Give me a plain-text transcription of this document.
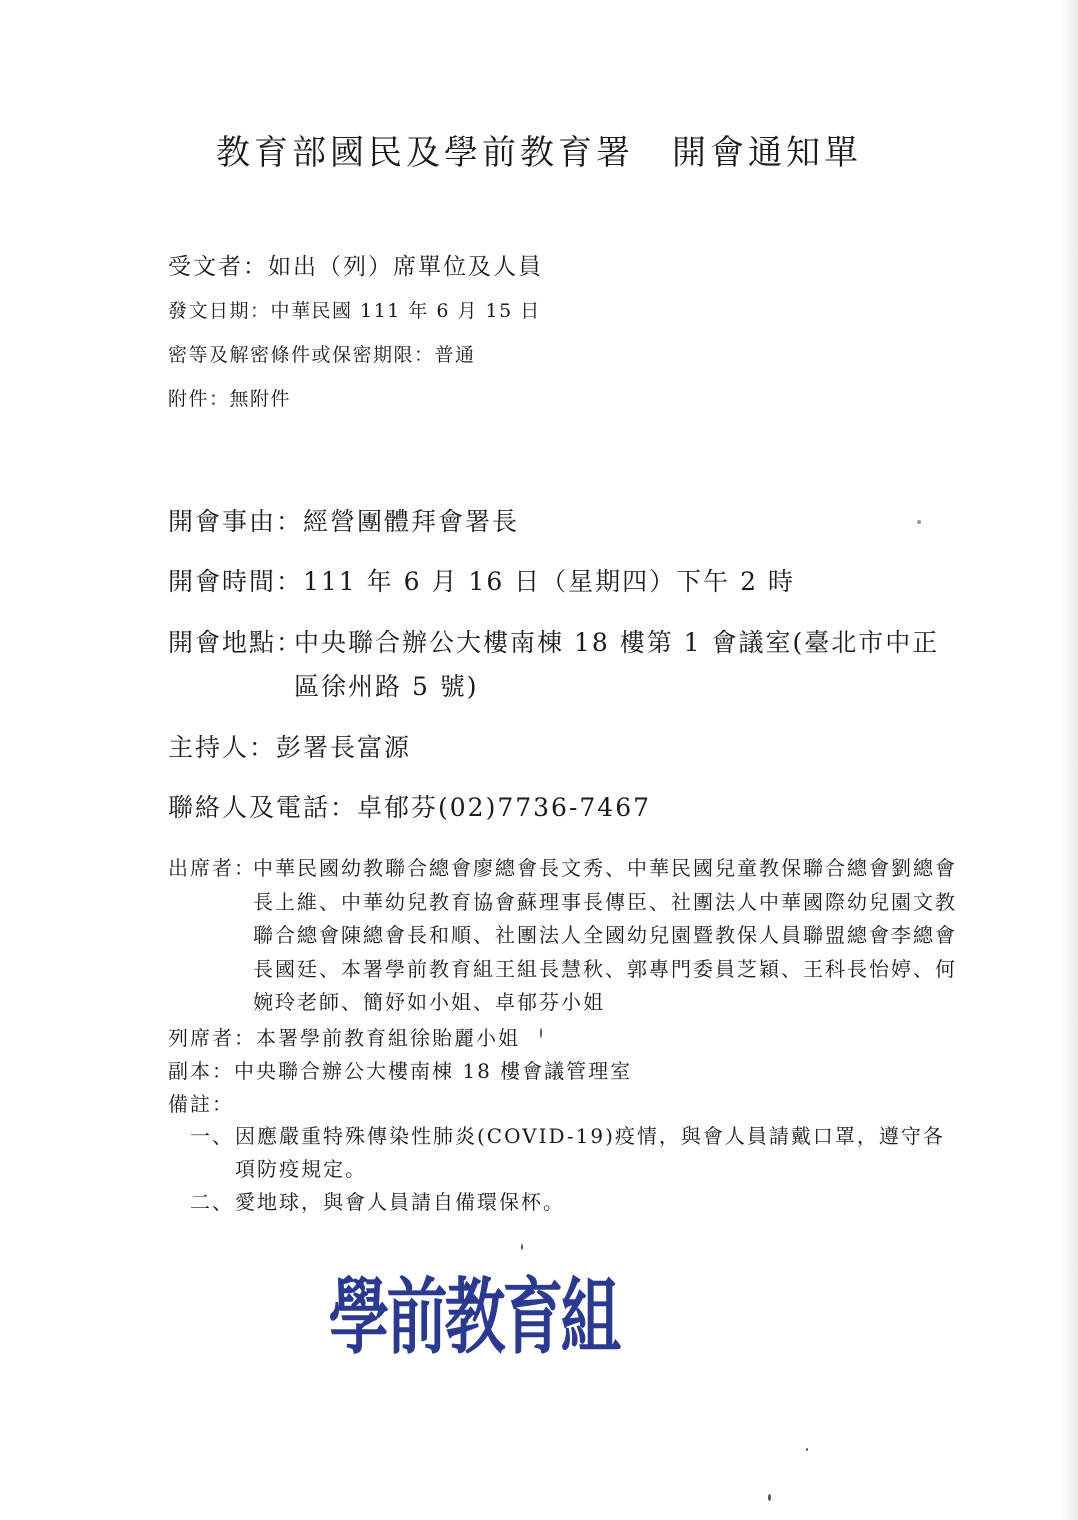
教育部國民及學前教育署 開會通知單
受文者：如出（列）席單位及人員
發文日期：中華民國 111 年 6 月 15 日
密等及解密條件或保密期限：普通
附件：無附件
開會事由：經營團體拜會署長
開會時間：111 年 6 月 16 日（星期四）下午 2 時
開會地點：
中央聯合辦公大樓南棟 18 樓第 1 會議室(臺北市中正區徐州路 5 號)
主持人：彭署長富源
聯絡人及電話：卓郁芬(02)7736-7467
出席者：
中華民國幼教聯合總會廖總會長文秀、中華民國兒童教保聯合總會劉總會長上維、中華幼兒教育協會蘇理事長傳臣、社團法人中華國際幼兒園文教聯合總會陳總會長和順、社團法人全國幼兒園暨教保人員聯盟總會李總會長國廷、本署學前教育組王組長慧秋、郭專門委員芝穎、王科長怡婷、何婉玲老師、簡妤如小姐、卓郁芬小姐
列席者：本署學前教育組徐貽麗小姐
副本：中央聯合辦公大樓南棟 18 樓會議管理室
備註：
一、 因應嚴重特殊傳染性肺炎(COVID-19)疫情，與會人員請戴口罩，遵守各項防疫規定。
二、 愛地球，與會人員請自備環保杯。
學前教育組
